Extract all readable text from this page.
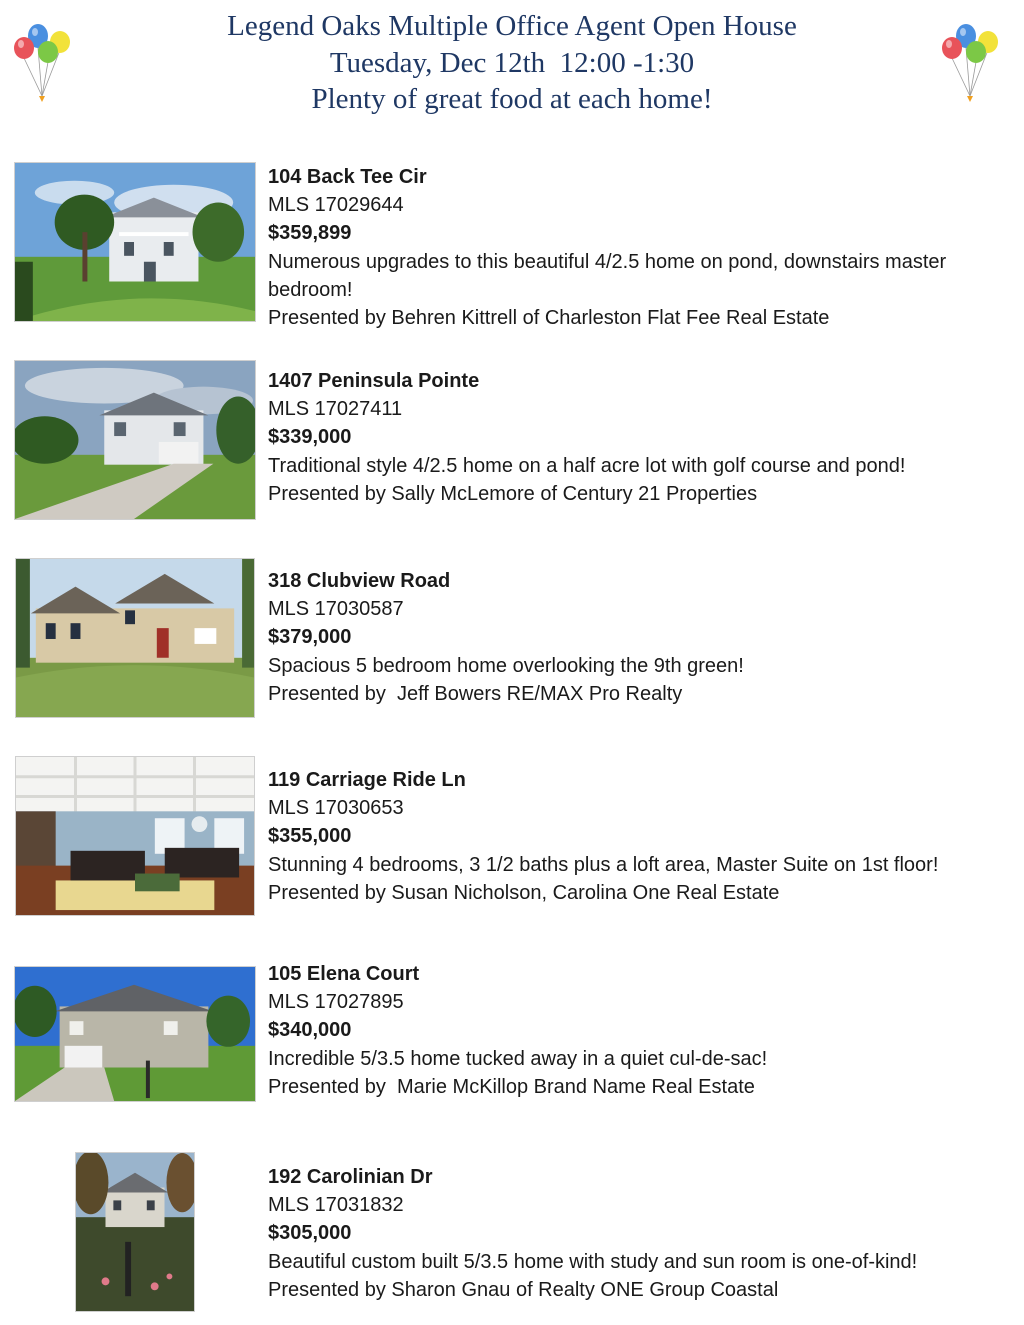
Legend Oaks Multiple Office Agent Open House
Tuesday, Dec 12th  12:00 -1:30
Plenty of great food at each home!
104 Back Tee Cir
MLS 17029644
$359,899
Numerous upgrades to this beautiful 4/2.5 home on pond, downstairs master bedroom!
Presented by Behren Kittrell of Charleston Flat Fee Real Estate
1407 Peninsula Pointe
MLS 17027411
$339,000
Traditional style 4/2.5 home on a half acre lot with golf course and pond!
Presented by Sally McLemore of Century 21 Properties
318 Clubview Road
MLS 17030587
$379,000
Spacious 5 bedroom home overlooking the 9th green!
Presented by  Jeff Bowers RE/MAX Pro Realty
119 Carriage Ride Ln
MLS 17030653
$355,000
Stunning 4 bedrooms, 3 1/2 baths plus a loft area, Master Suite on 1st floor!
Presented by Susan Nicholson, Carolina One Real Estate
105 Elena Court
MLS 17027895
$340,000
Incredible 5/3.5 home tucked away in a quiet cul-de-sac!
Presented by  Marie McKillop Brand Name Real Estate
192 Carolinian Dr
MLS 17031832
$305,000
Beautiful custom built 5/3.5 home with study and sun room is one-of-kind!
Presented by Sharon Gnau of Realty ONE Group Coastal
